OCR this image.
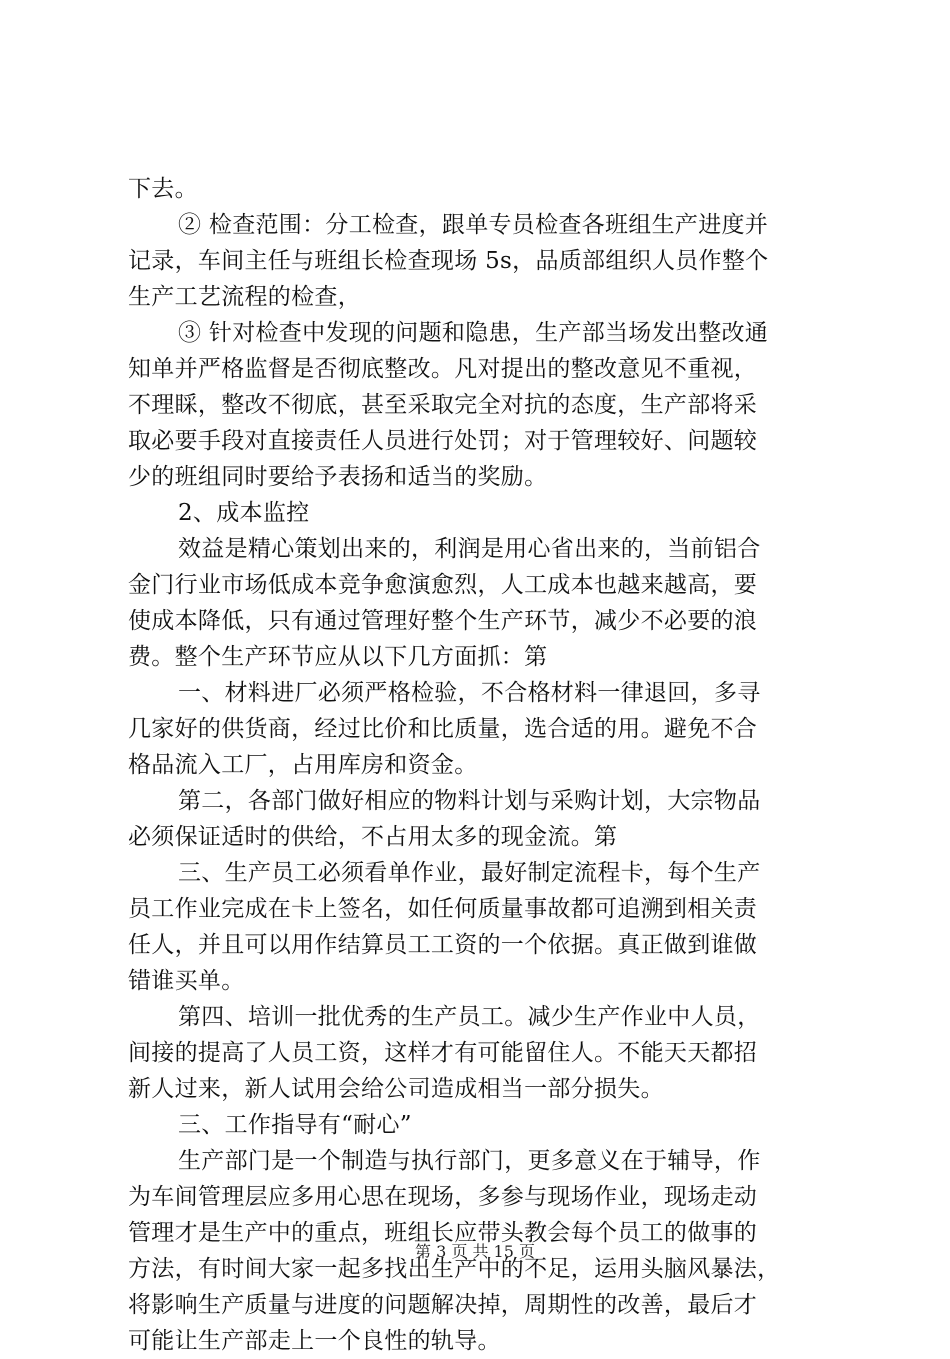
下去。
② 检查范围：分工检查，跟单专员检查各班组生产进度并
记录，车间主任与班组长检查现场 5s，品质部组织人员作整个
生产工艺流程的检查，
③ 针对检查中发现的问题和隐患，生产部当场发出整改通
知单并严格监督是否彻底整改。凡对提出的整改意见不重视，
不理睬，整改不彻底，甚至采取完全对抗的态度，生产部将采
取必要手段对直接责任人员进行处罚；对于管理较好、问题较
少的班组同时要给予表扬和适当的奖励。
2、成本监控
效益是精心策划出来的，利润是用心省出来的，当前铝合
金门行业市场低成本竞争愈演愈烈，人工成本也越来越高，要
使成本降低，只有通过管理好整个生产环节，减少不必要的浪
费。整个生产环节应从以下几方面抓：第
一、材料进厂必须严格检验，不合格材料一律退回，多寻
几家好的供货商，经过比价和比质量，选合适的用。避免不合
格品流入工厂，占用库房和资金。
第二，各部门做好相应的物料计划与采购计划，大宗物品
必须保证适时的供给，不占用太多的现金流。第
三、生产员工必须看单作业，最好制定流程卡，每个生产
员工作业完成在卡上签名，如任何质量事故都可追溯到相关责
任人，并且可以用作结算员工工资的一个依据。真正做到谁做
错谁买单。
第四、培训一批优秀的生产员工。减少生产作业中人员，
间接的提高了人员工资，这样才有可能留住人。不能天天都招
新人过来，新人试用会给公司造成相当一部分损失。
三、工作指导有“耐心”
生产部门是一个制造与执行部门，更多意义在于辅导，作
为车间管理层应多用心思在现场，多参与现场作业，现场走动
管理才是生产中的重点，班组长应带头教会每个员工的做事的
方法，有时间大家一起多找出生产中的不足，运用头脑风暴法，
将影响生产质量与进度的问题解决掉，周期性的改善，最后才
可能让生产部走上一个良性的轨导。
第 3 页 共 15 页
